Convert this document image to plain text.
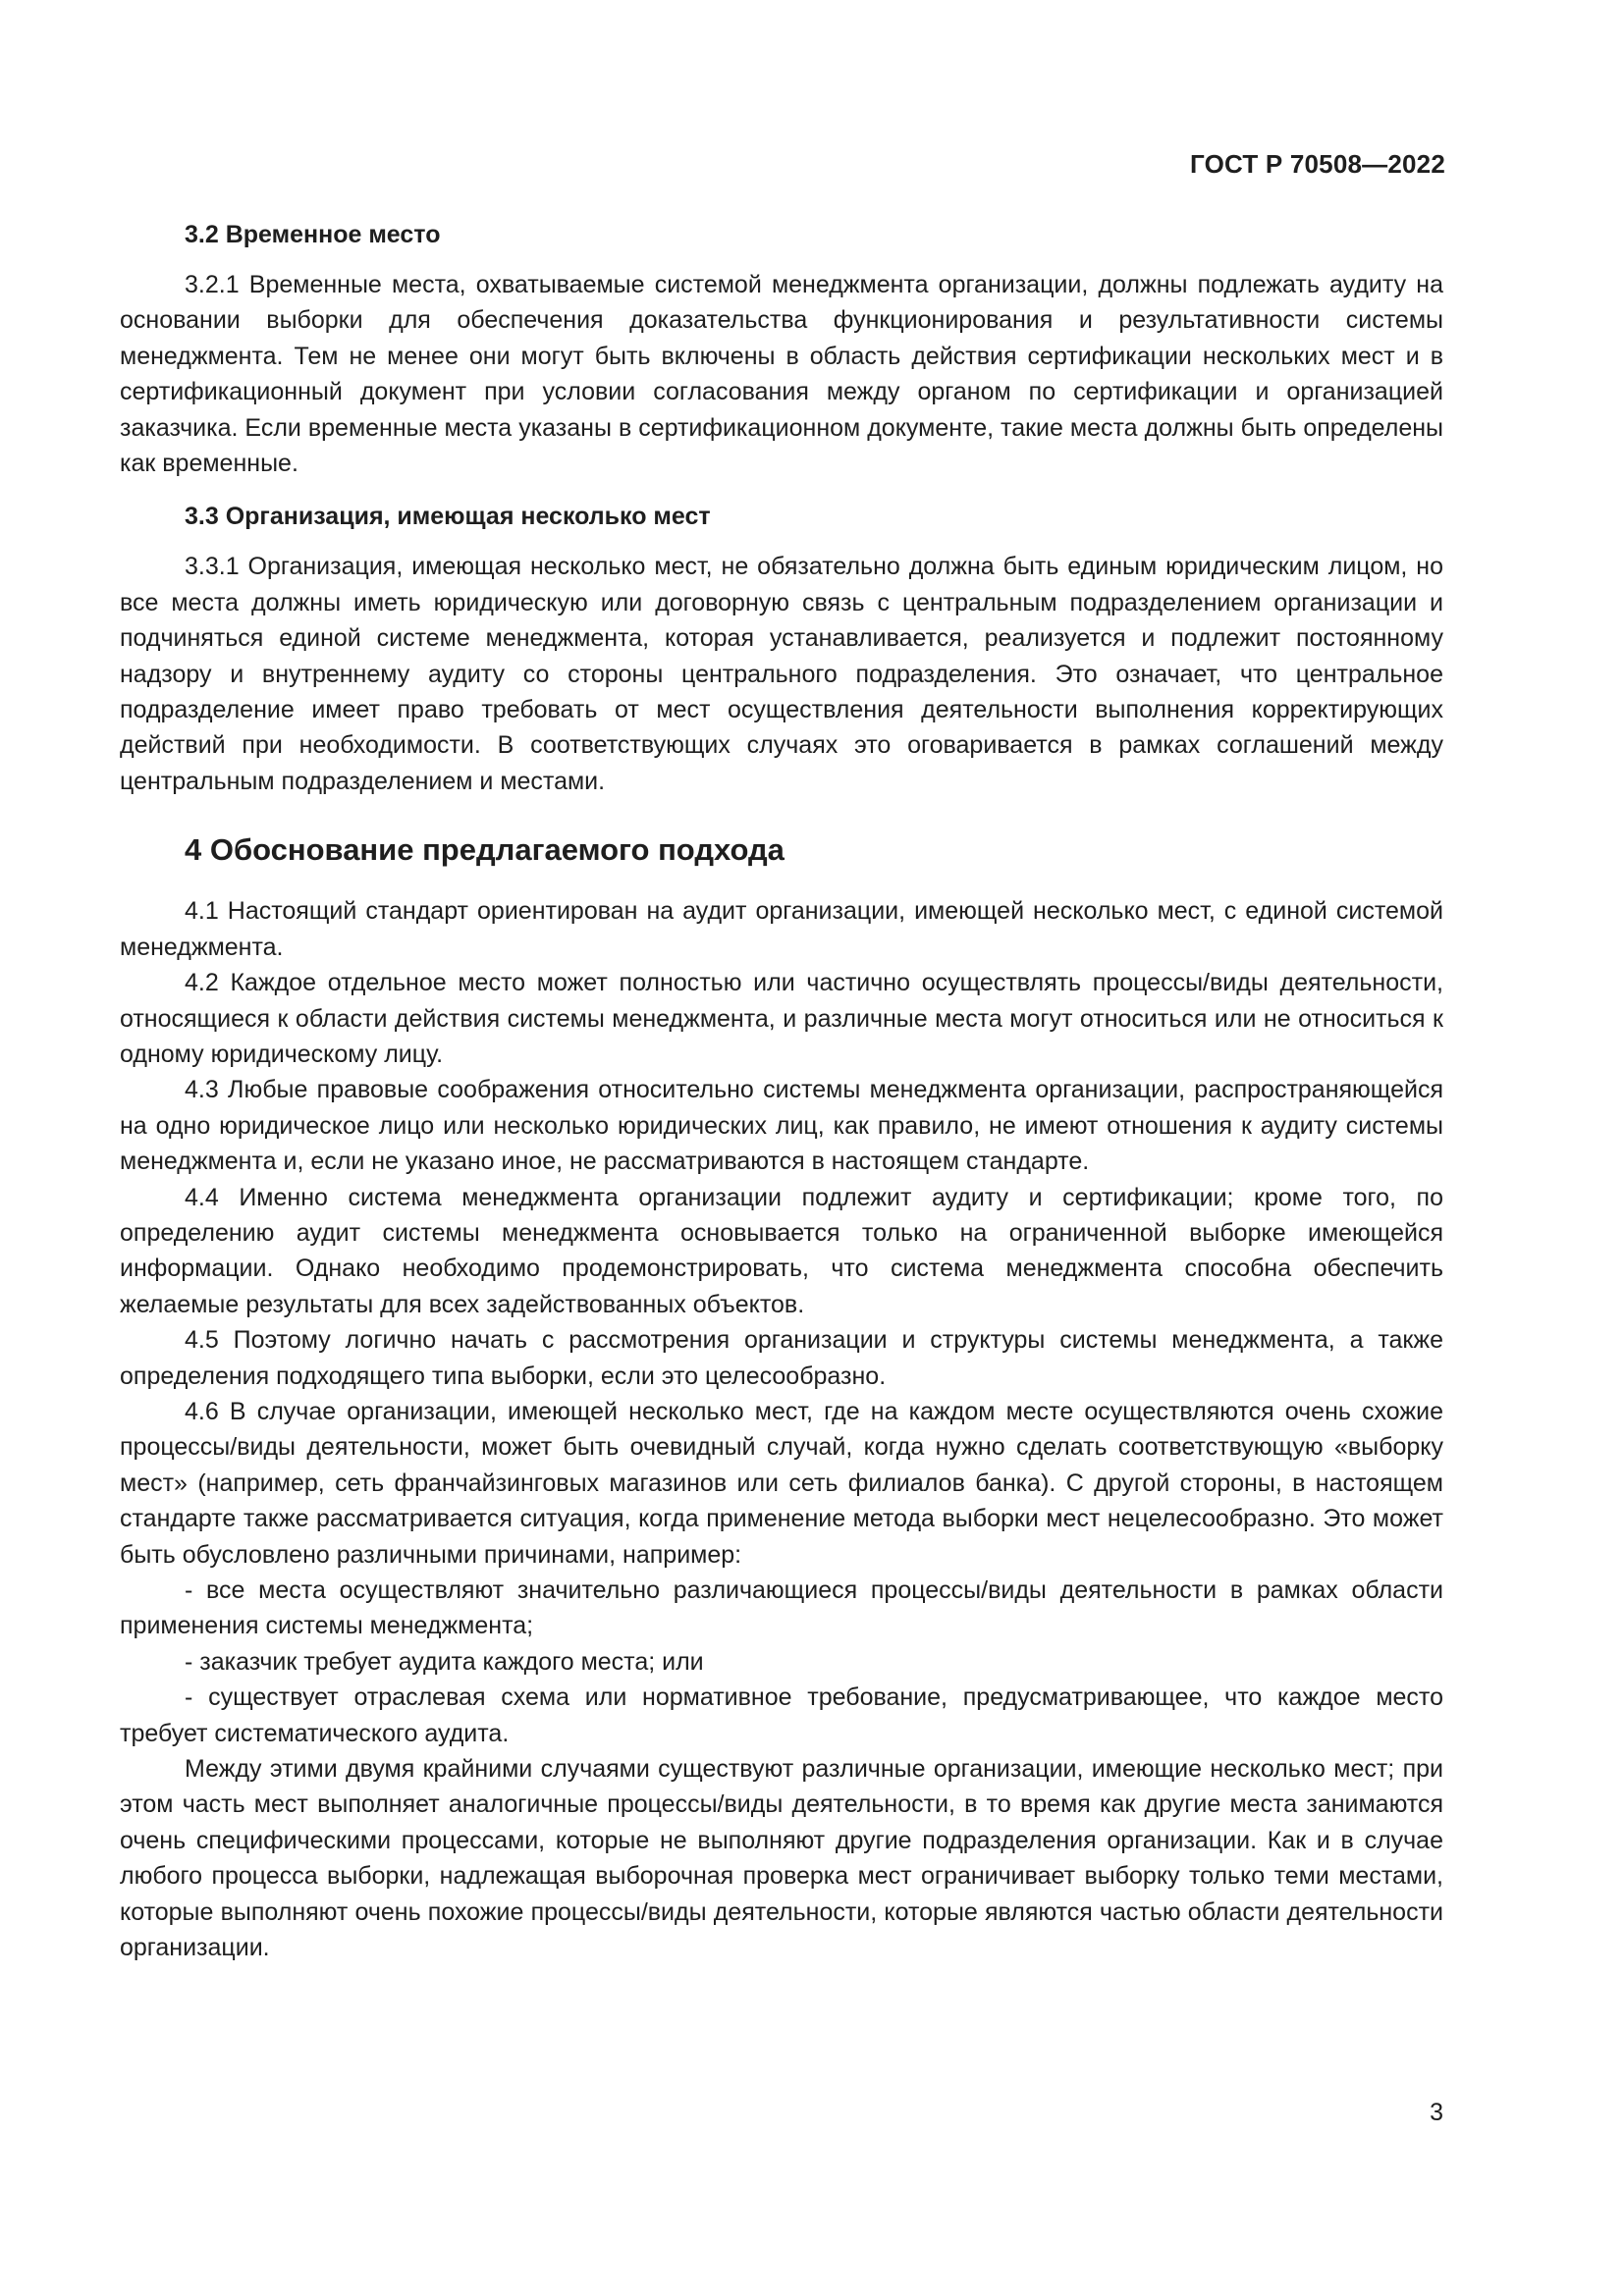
ГОСТ Р 70508—2022
3.2 Временное место

3.2.1 Временные места, охватываемые системой менеджмента организации, должны подлежать аудиту на основании выборки для обеспечения доказательства функционирования и результативности системы менеджмента. Тем не менее они могут быть включены в область действия сертификации нескольких мест и в сертификационный документ при условии согласования между органом по сертификации и организацией заказчика. Если временные места указаны в сертификационном документе, такие места должны быть определены как временные.

3.3 Организация, имеющая несколько мест

3.3.1 Организация, имеющая несколько мест, не обязательно должна быть единым юридическим лицом, но все места должны иметь юридическую или договорную связь с центральным подразделением организации и подчиняться единой системе менеджмента, которая устанавливается, реализуется и подлежит постоянному надзору и внутреннему аудиту со стороны центрального подразделения. Это означает, что центральное подразделение имеет право требовать от мест осуществления деятельности выполнения корректирующих действий при необходимости. В соответствующих случаях это оговаривается в рамках соглашений между центральным подразделением и местами.

4 Обоснование предлагаемого подхода

4.1 Настоящий стандарт ориентирован на аудит организации, имеющей несколько мест, с единой системой менеджмента.

4.2 Каждое отдельное место может полностью или частично осуществлять процессы/виды деятельности, относящиеся к области действия системы менеджмента, и различные места могут относиться или не относиться к одному юридическому лицу.

4.3 Любые правовые соображения относительно системы менеджмента организации, распространяющейся на одно юридическое лицо или несколько юридических лиц, как правило, не имеют отношения к аудиту системы менеджмента и, если не указано иное, не рассматриваются в настоящем стандарте.

4.4 Именно система менеджмента организации подлежит аудиту и сертификации; кроме того, по определению аудит системы менеджмента основывается только на ограниченной выборке имеющейся информации. Однако необходимо продемонстрировать, что система менеджмента способна обеспечить желаемые результаты для всех задействованных объектов.

4.5 Поэтому логично начать с рассмотрения организации и структуры системы менеджмента, а также определения подходящего типа выборки, если это целесообразно.

4.6 В случае организации, имеющей несколько мест, где на каждом месте осуществляются очень схожие процессы/виды деятельности, может быть очевидный случай, когда нужно сделать соответствующую «выборку мест» (например, сеть франчайзинговых магазинов или сеть филиалов банка). С другой стороны, в настоящем стандарте также рассматривается ситуация, когда применение метода выборки мест нецелесообразно. Это может быть обусловлено различными причинами, например:

- все места осуществляют значительно различающиеся процессы/виды деятельности в рамках области применения системы менеджмента;

- заказчик требует аудита каждого места; или

- существует отраслевая схема или нормативное требование, предусматривающее, что каждое место требует систематического аудита.

Между этими двумя крайними случаями существуют различные организации, имеющие несколько мест; при этом часть мест выполняет аналогичные процессы/виды деятельности, в то время как другие места занимаются очень специфическими процессами, которые не выполняют другие подразделения организации. Как и в случае любого процесса выборки, надлежащая выборочная проверка мест ограничивает выборку только теми местами, которые выполняют очень похожие процессы/виды деятельности, которые являются частью области деятельности организации.

3
